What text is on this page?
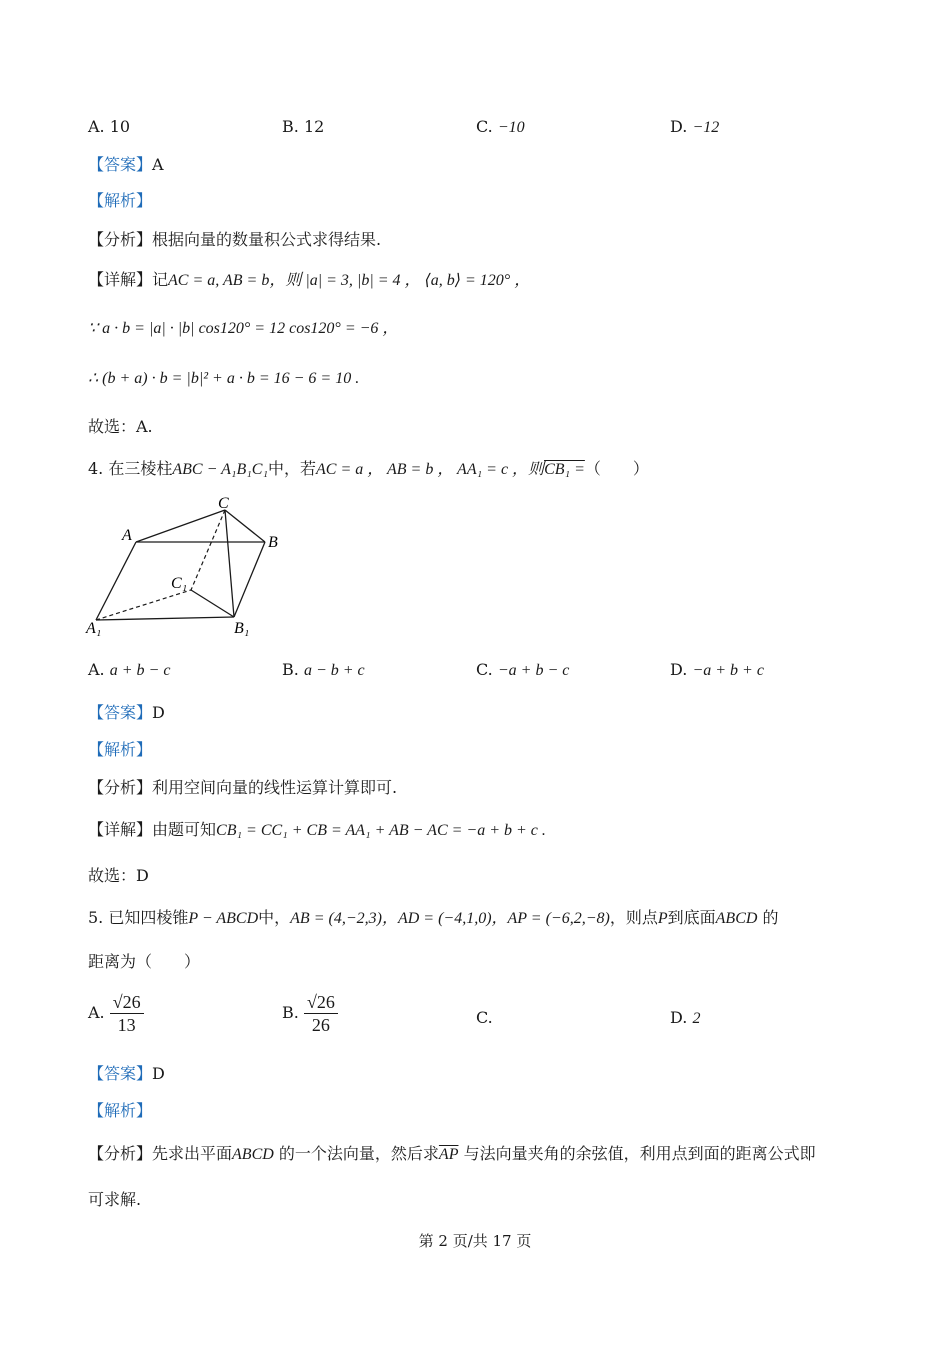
A. 10	B. 12	C. −10	D. −12
【答案】A
【解析】
【分析】根据向量的数量积公式求得结果.
【详解】记AC = a, AB = b，则 |a| = 3, |b| = 4 ， ⟨a, b⟩ = 120° ，
∵ a · b = |a| · |b| cos120° = 12 cos120° = −6 ，
∴ (b + a) · b = |b|² + a · b = 16 − 6 = 10 .
故选：A.
4. 在三棱柱ABC − A₁B₁C₁中，若AC = a ， AB = b ， AA₁ = c ，则CB₁ =（　　）
C
A	B
C₁
A₁	B₁
A. a + b − c	B. a − b + c	C. −a + b − c	D. −a + b + c
【答案】D
【解析】
【分析】利用空间向量的线性运算计算即可.
【详解】由题可知CB₁ = CC₁ + CB = AA₁ + AB − AC = −a + b + c .
故选：D
5. 已知四棱锥P − ABCD中，AB = (4,−2,3)，AD = (−4,1,0)，AP = (−6,2,−8)，则点P到底面ABCD 的
距离为（　　）
A. $\frac{√26}{13}$	B. $\frac{√26}{26}$	C.	D. 2
【答案】D
【解析】
【分析】先求出平面ABCD 的一个法向量，然后求$\overline{AP}$ 与法向量夹角的余弦值，利用点到面的距离公式即
可求解.
第 2 页/共 17 页
